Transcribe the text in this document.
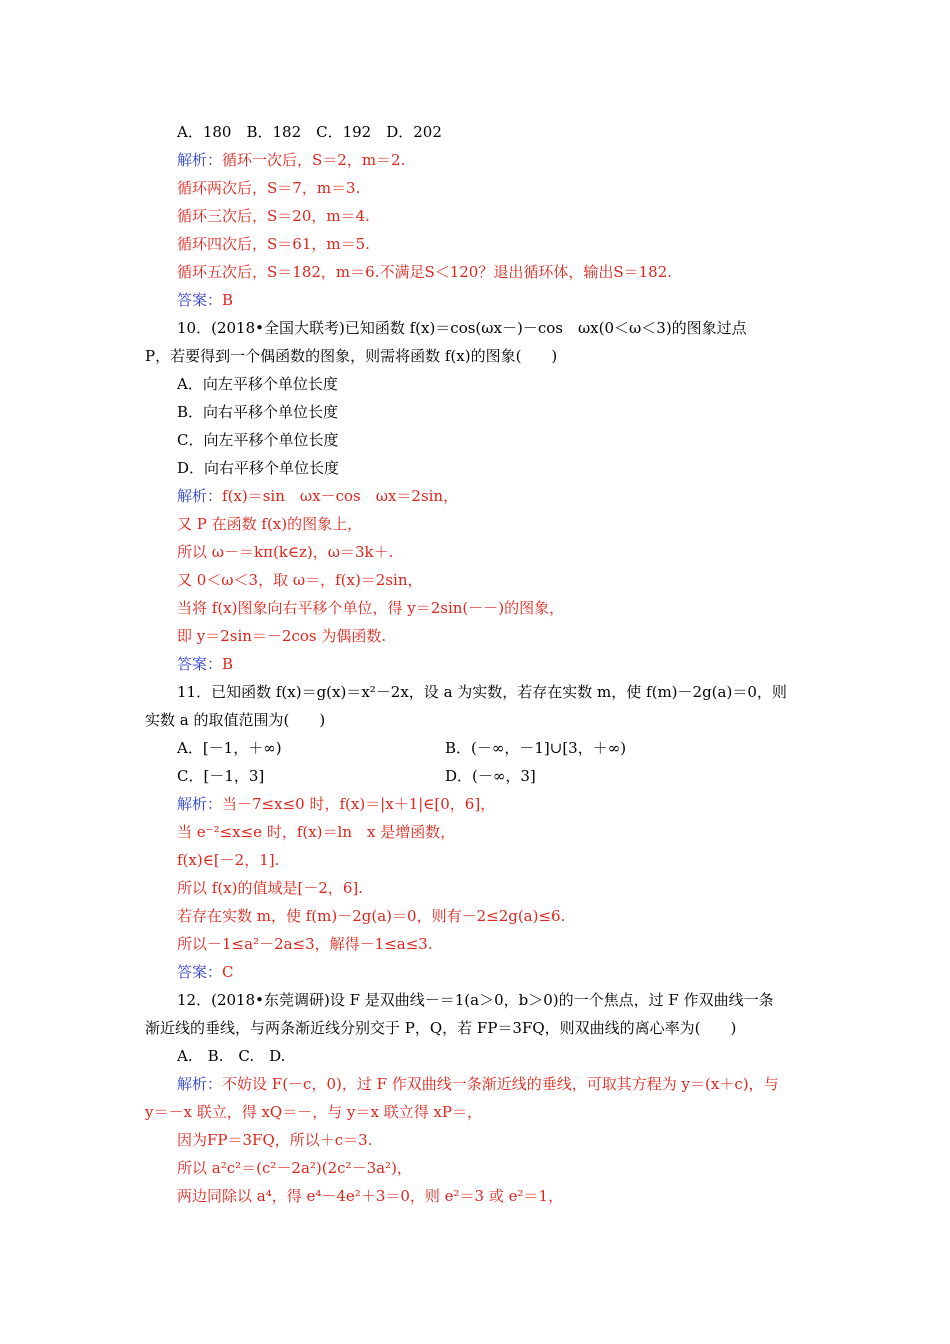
A．180　B．182　C．192　D．202
解析：循环一次后，S＝2，m＝2.
循环两次后，S＝7，m＝3.
循环三次后，S＝20，m＝4.
循环四次后，S＝61，m＝5.
循环五次后，S＝182，m＝6.不满足S＜120？退出循环体，输出S＝182.
答案：B
10．(2018•全国大联考)已知函数 f(x)＝cos(ωx－)－cos　ωx(0＜ω＜3)的图象过点
P，若要得到一个偶函数的图象，则需将函数 f(x)的图象(　　)
A．向左平移个单位长度
B．向右平移个单位长度
C．向左平移个单位长度
D．向右平移个单位长度
解析：f(x)＝sin　ωx－cos　ωx＝2sin，
又 P 在函数 f(x)的图象上，
所以 ω－＝kπ(k∈z)，ω＝3k＋.
又 0＜ω＜3，取 ω＝，f(x)＝2sin，
当将 f(x)图象向右平移个单位，得 y＝2sin(－－)的图象，
即 y＝2sin＝－2cos 为偶函数.
答案：B
11．已知函数 f(x)＝g(x)＝x²－2x，设 a 为实数，若存在实数 m，使 f(m)－2g(a)＝0，则
实数 a 的取值范围为(　　)
A．[－1，＋∞)	B．(－∞，－1]∪[3，＋∞)
C．[－1，3]	D．(－∞，3]
解析：当－7≤x≤0 时，f(x)＝|x＋1|∈[0，6]，
当 e⁻²≤x≤e 时，f(x)＝ln　x 是增函数，
f(x)∈[－2，1].
所以 f(x)的值域是[－2，6].
若存在实数 m，使 f(m)－2g(a)＝0，则有－2≤2g(a)≤6.
所以－1≤a²－2a≤3，解得－1≤a≤3.
答案：C
12．(2018•东莞调研)设 F 是双曲线－＝1(a＞0，b＞0)的一个焦点，过 F 作双曲线一条
渐近线的垂线，与两条渐近线分别交于 P，Q，若 FP＝3FQ，则双曲线的离心率为(　　)
A.　B.　C.　D.
解析：不妨设 F(－c，0)，过 F 作双曲线一条渐近线的垂线，可取其方程为 y＝(x＋c)，与
y＝－x 联立，得 xQ＝－，与 y＝x 联立得 xP＝，
因为FP＝3FQ，所以＋c＝3.
所以 a²c²＝(c²－2a²)(2c²－3a²)，
两边同除以 a⁴，得 e⁴－4e²＋3＝0，则 e²＝3 或 e²＝1，
